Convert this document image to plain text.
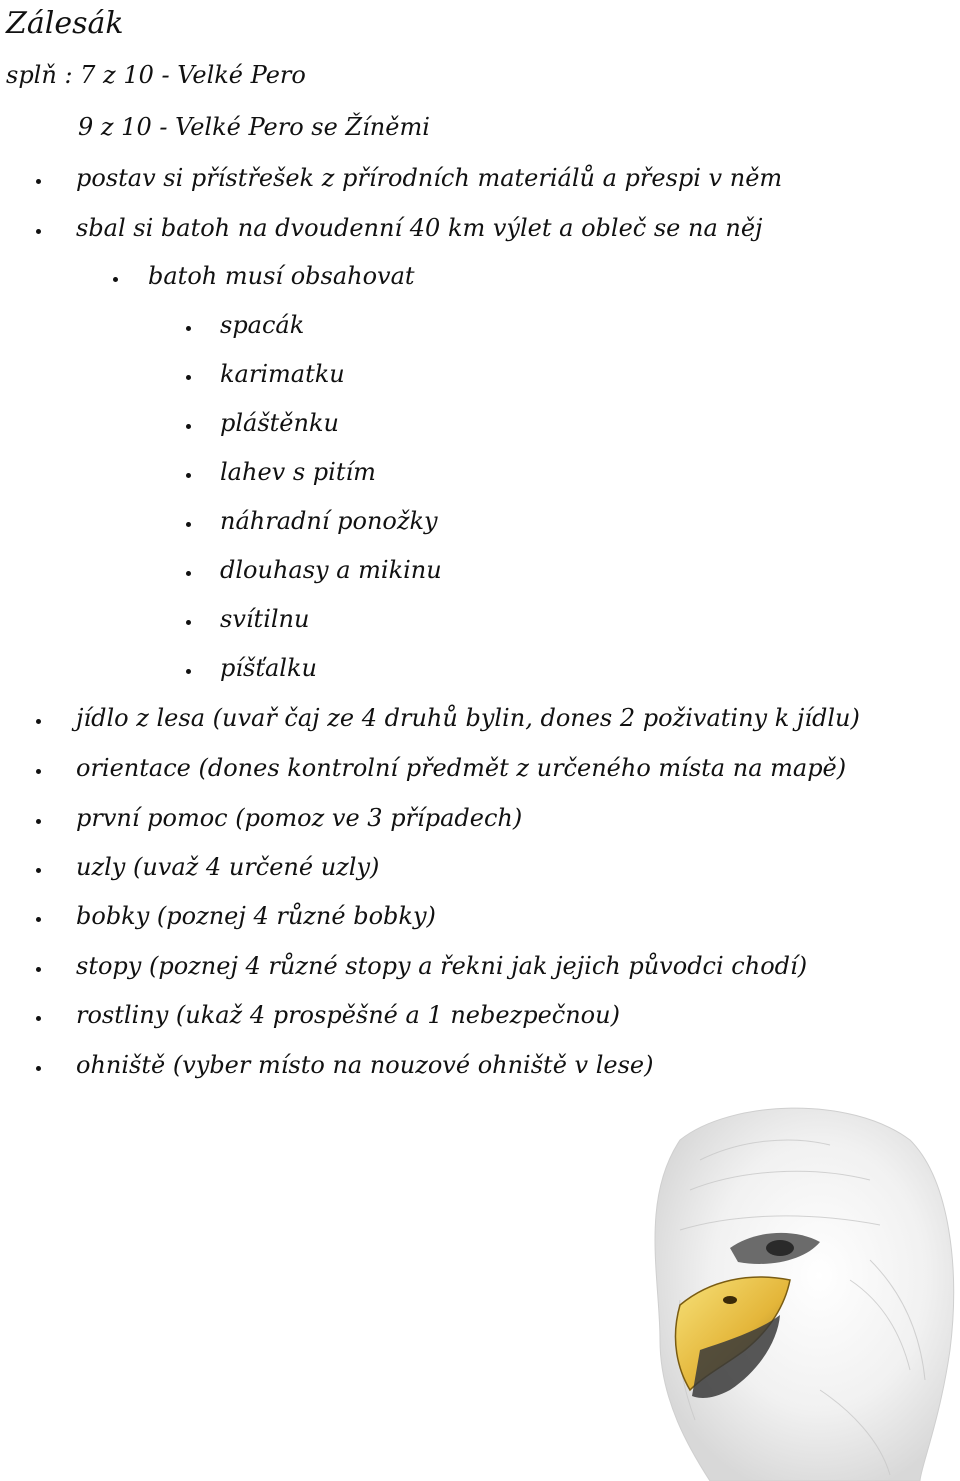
Zálesák
splň : 7 z 10 - Velké Pero
9 z 10 - Velké Pero se Žíněmi
postav si přístřešek z přírodních materiálů a přespi v něm
sbal si batoh na dvoudenní 40 km výlet a obleč se na něj
batoh musí obsahovat
spacák
karimatku
pláštěnku
lahev s pitím
náhradní ponožky
dlouhasy a mikinu
svítilnu
píšťalku
jídlo z lesa (uvař čaj ze 4 druhů bylin, dones 2 poživatiny k jídlu)
orientace (dones kontrolní předmět z určeného místa na mapě)
první pomoc (pomoz ve 3 případech)
uzly (uvaž 4 určené uzly)
bobky (poznej 4 různé bobky)
stopy (poznej 4 různé stopy a řekni jak jejich původci chodí)
rostliny (ukaž 4 prospěšné a 1 nebezpečnou)
ohniště (vyber místo na nouzové ohniště v lese)
